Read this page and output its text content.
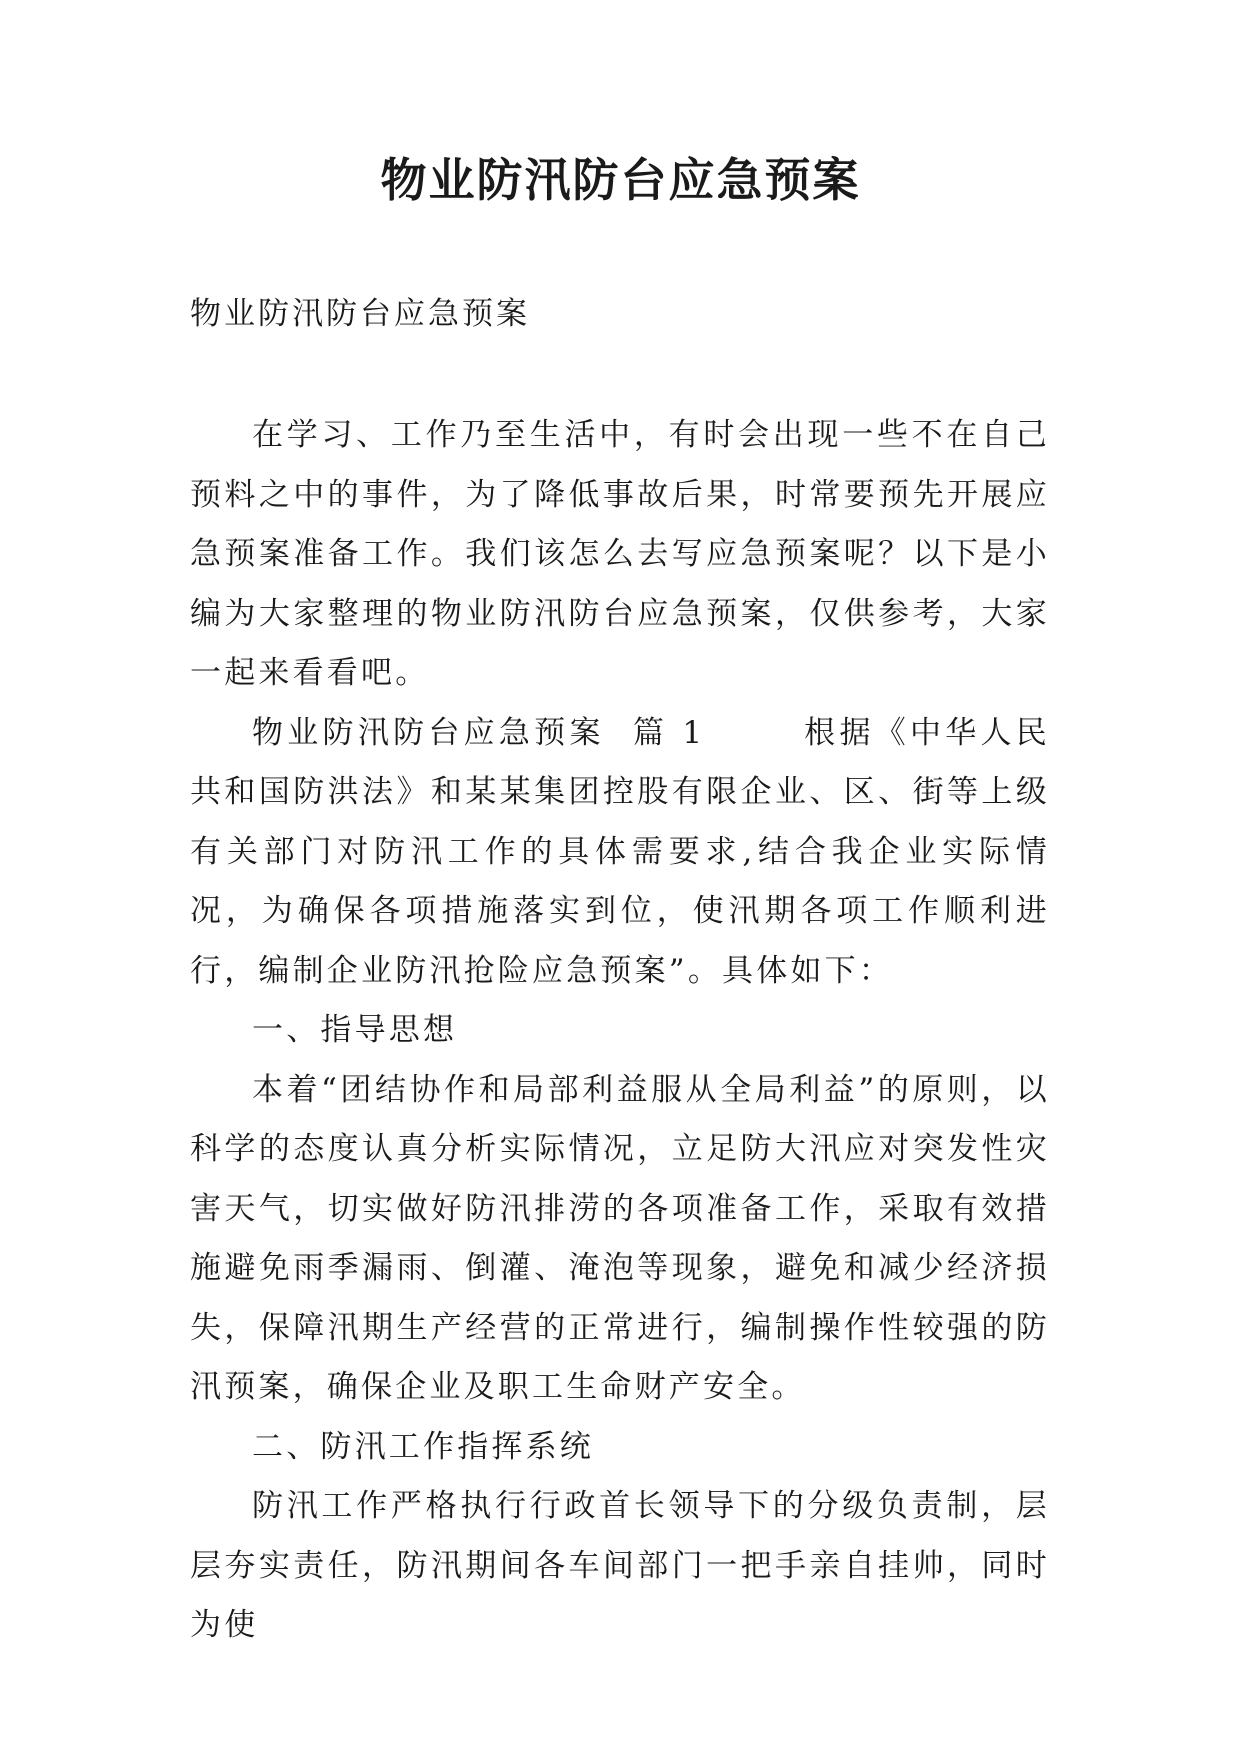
物业防汛防台应急预案

物业防汛防台应急预案

在学习、工作乃至生活中，有时会出现一些不在自己预料之中的事件，为了降低事故后果，时常要预先开展应急预案准备工作。我们该怎么去写应急预案呢？以下是小编为大家整理的物业防汛防台应急预案，仅供参考，大家一起来看看吧。

物业防汛防台应急预案  篇 1       根据《中华人民共和国防洪法》和某某集团控股有限企业、区、街等上级有关部门对防汛工作的具体需要求,结合我企业实际情况，为确保各项措施落实到位，使汛期各项工作顺利进行，编制企业防汛抢险应急预案”。具体如下：

一、指导思想

本着“团结协作和局部利益服从全局利益”的原则，以科学的态度认真分析实际情况，立足防大汛应对突发性灾害天气，切实做好防汛排涝的各项准备工作，采取有效措施避免雨季漏雨、倒灌、淹泡等现象，避免和减少经济损失，保障汛期生产经营的正常进行，编制操作性较强的防汛预案，确保企业及职工生命财产安全。

二、防汛工作指挥系统

防汛工作严格执行行政首长领导下的分级负责制，层层夯实责任，防汛期间各车间部门一把手亲自挂帅，同时为使
